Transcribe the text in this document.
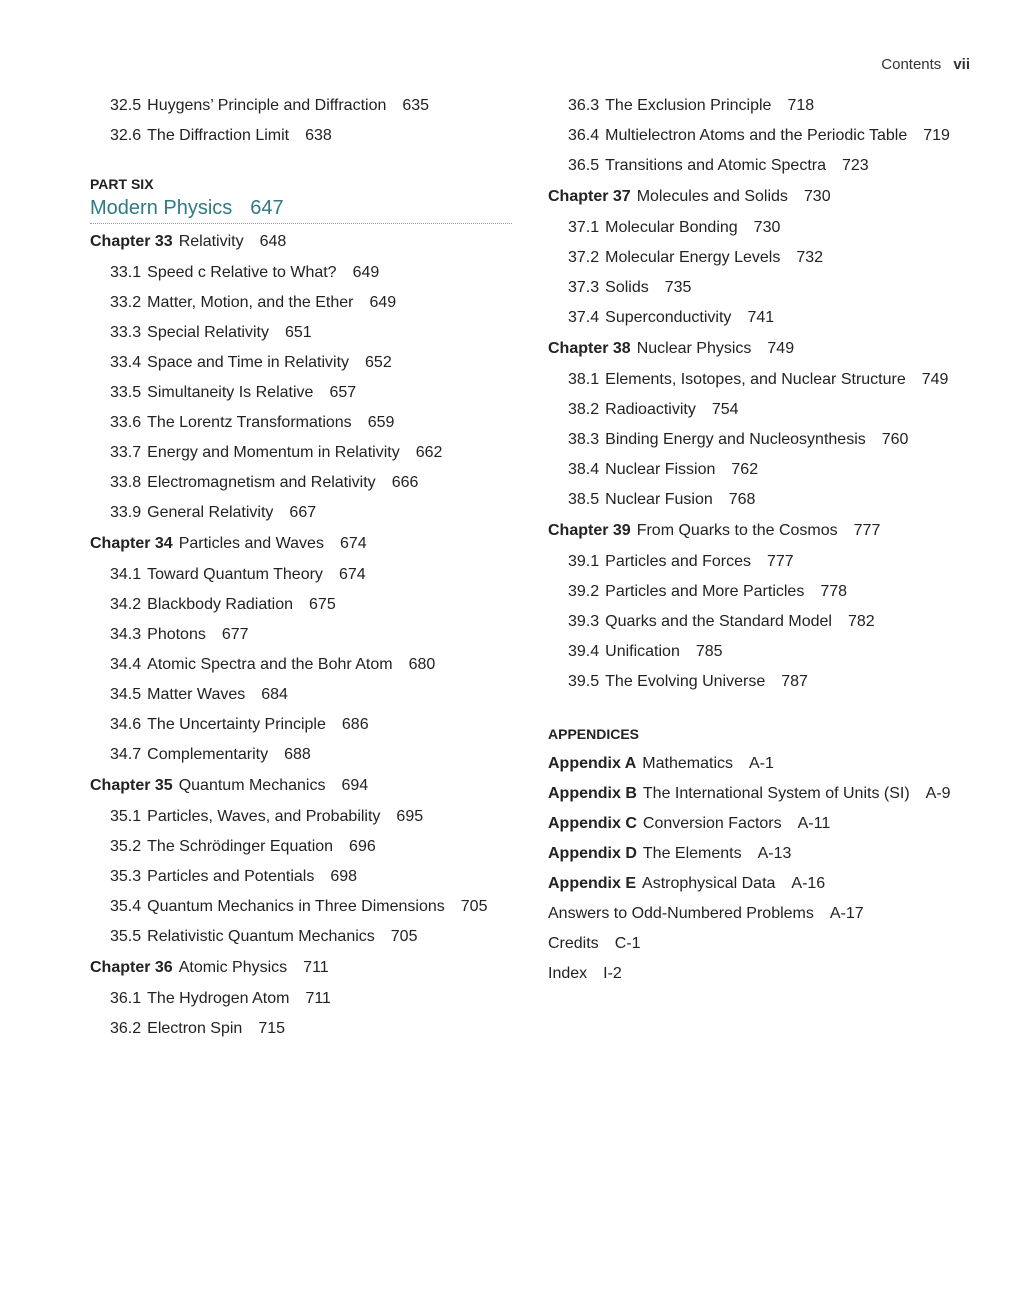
Contents vii
32.5 Huygens’ Principle and Diffraction 635
32.6 The Diffraction Limit 638
PART SIX
Modern Physics 647
Chapter 33 Relativity 648
33.1 Speed c Relative to What? 649
33.2 Matter, Motion, and the Ether 649
33.3 Special Relativity 651
33.4 Space and Time in Relativity 652
33.5 Simultaneity Is Relative 657
33.6 The Lorentz Transformations 659
33.7 Energy and Momentum in Relativity 662
33.8 Electromagnetism and Relativity 666
33.9 General Relativity 667
Chapter 34 Particles and Waves 674
34.1 Toward Quantum Theory 674
34.2 Blackbody Radiation 675
34.3 Photons 677
34.4 Atomic Spectra and the Bohr Atom 680
34.5 Matter Waves 684
34.6 The Uncertainty Principle 686
34.7 Complementarity 688
Chapter 35 Quantum Mechanics 694
35.1 Particles, Waves, and Probability 695
35.2 The Schrödinger Equation 696
35.3 Particles and Potentials 698
35.4 Quantum Mechanics in Three Dimensions 705
35.5 Relativistic Quantum Mechanics 705
Chapter 36 Atomic Physics 711
36.1 The Hydrogen Atom 711
36.2 Electron Spin 715
36.3 The Exclusion Principle 718
36.4 Multielectron Atoms and the Periodic Table 719
36.5 Transitions and Atomic Spectra 723
Chapter 37 Molecules and Solids 730
37.1 Molecular Bonding 730
37.2 Molecular Energy Levels 732
37.3 Solids 735
37.4 Superconductivity 741
Chapter 38 Nuclear Physics 749
38.1 Elements, Isotopes, and Nuclear Structure 749
38.2 Radioactivity 754
38.3 Binding Energy and Nucleosynthesis 760
38.4 Nuclear Fission 762
38.5 Nuclear Fusion 768
Chapter 39 From Quarks to the Cosmos 777
39.1 Particles and Forces 777
39.2 Particles and More Particles 778
39.3 Quarks and the Standard Model 782
39.4 Unification 785
39.5 The Evolving Universe 787
APPENDICES
Appendix A Mathematics A-1
Appendix B The International System of Units (SI) A-9
Appendix C Conversion Factors A-11
Appendix D The Elements A-13
Appendix E Astrophysical Data A-16
Answers to Odd-Numbered Problems A-17
Credits C-1
Index I-2
